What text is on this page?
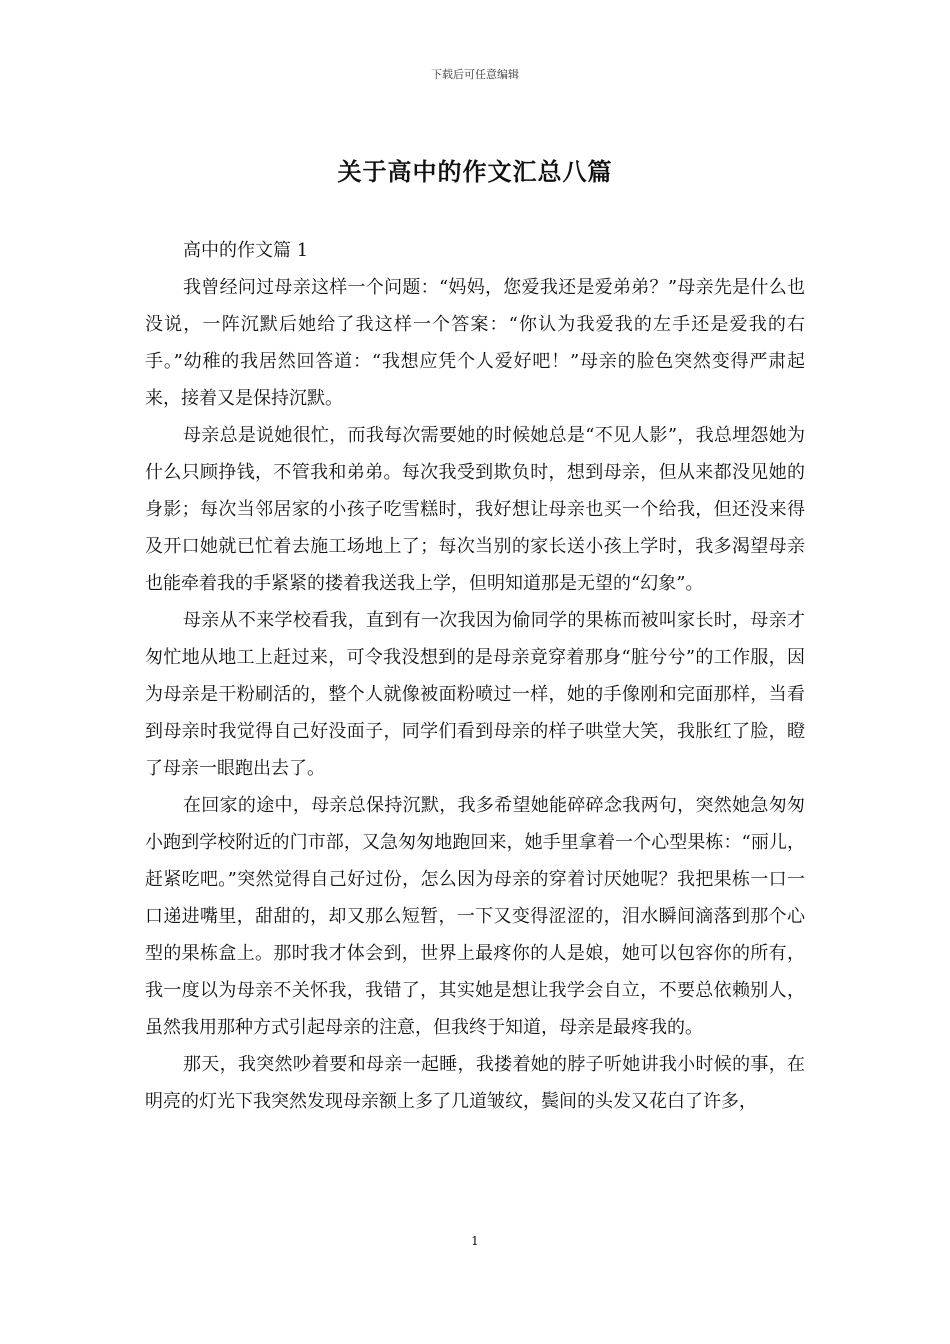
下载后可任意编辑
关于高中的作文汇总八篇

高中的作文篇 1

我曾经问过母亲这样一个问题：“妈妈，您爱我还是爱弟弟？”母亲先是什么也没说，一阵沉默后她给了我这样一个答案：“你认为我爱我的左手还是爱我的右手。”幼稚的我居然回答道：“我想应凭个人爱好吧！”母亲的脸色突然变得严肃起来，接着又是保持沉默。

母亲总是说她很忙，而我每次需要她的时候她总是“不见人影”，我总埋怨她为什么只顾挣钱，不管我和弟弟。每次我受到欺负时，想到母亲，但从来都没见她的身影；每次当邻居家的小孩子吃雪糕时，我好想让母亲也买一个给我，但还没来得及开口她就已忙着去施工场地上了；每次当别的家长送小孩上学时，我多渴望母亲也能牵着我的手紧紧的搂着我送我上学，但明知道那是无望的“幻象”。

母亲从不来学校看我，直到有一次我因为偷同学的果栋而被叫家长时，母亲才匆忙地从地工上赶过来，可令我没想到的是母亲竟穿着那身“脏兮兮”的工作服，因为母亲是干粉刷活的，整个人就像被面粉喷过一样，她的手像刚和完面那样，当看到母亲时我觉得自己好没面子，同学们看到母亲的样子哄堂大笑，我胀红了脸，瞪了母亲一眼跑出去了。

在回家的途中，母亲总保持沉默，我多希望她能碎碎念我两句，突然她急匆匆小跑到学校附近的门市部，又急匆匆地跑回来，她手里拿着一个心型果栋：“丽儿，赶紧吃吧。”突然觉得自己好过份，怎么因为母亲的穿着讨厌她呢？我把果栋一口一口递进嘴里，甜甜的，却又那么短暂，一下又变得涩涩的，泪水瞬间滴落到那个心型的果栋盒上。那时我才体会到，世界上最疼你的人是娘，她可以包容你的所有，我一度以为母亲不关怀我，我错了，其实她是想让我学会自立，不要总依赖别人，虽然我用那种方式引起母亲的注意，但我终于知道，母亲是最疼我的。

那天，我突然吵着要和母亲一起睡，我搂着她的脖子听她讲我小时候的事，在明亮的灯光下我突然发现母亲额上多了几道皱纹，鬓间的头发又花白了许多，

1
